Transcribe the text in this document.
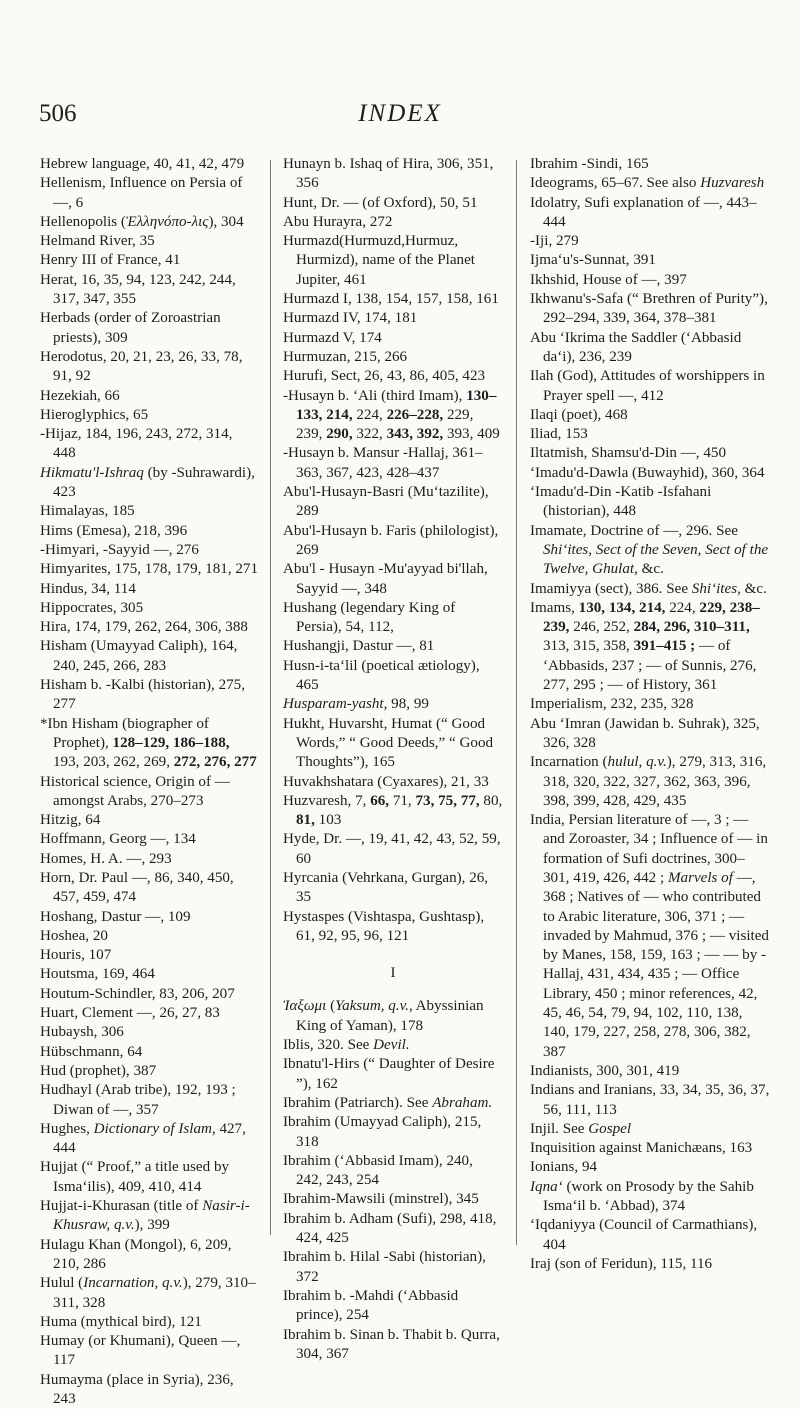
506	INDEX

Hebrew language, 40, 41, 42, 479

Hellenism, Influence on Persia of —, 6

Hellenopolis (Ἑλληνόπο-λις), 304

Helmand River, 35

Henry III of France, 41

Herat, 16, 35, 94, 123, 242, 244, 317, 347, 355

Herbads (order of Zoroastrian priests), 309

Herodotus, 20, 21, 23, 26, 33, 78, 91, 92

Hezekiah, 66

Hieroglyphics, 65

-Hijaz, 184, 196, 243, 272, 314, 448

Hikmatu'l-Ishraq (by -Suhrawardi), 423

Himalayas, 185

Hims (Emesa), 218, 396

-Himyari, -Sayyid —, 276

Himyarites, 175, 178, 179, 181, 271

Hindus, 34, 114

Hippocrates, 305

Hira, 174, 179, 262, 264, 306, 388

Hisham (Umayyad Caliph), 164, 240, 245, 266, 283

Hisham b. -Kalbi (historian), 275, 277

*Ibn Hisham (biographer of Prophet), 128–129, 186–188, 193, 203, 262, 269, 272, 276, 277

Historical science, Origin of — amongst Arabs, 270–273

Hitzig, 64

Hoffmann, Georg —, 134

Homes, H. A. —, 293

Horn, Dr. Paul —, 86, 340, 450, 457, 459, 474

Hoshang, Dastur —, 109

Hoshea, 20

Houris, 107

Houtsma, 169, 464

Houtum-Schindler, 83, 206, 207

Huart, Clement —, 26, 27, 83

Hubaysh, 306

Hübschmann, 64

Hud (prophet), 387

Hudhayl (Arab tribe), 192, 193 ; Diwan of —, 357

Hughes, Dictionary of Islam, 427, 444

Hujjat (“ Proof,” a title used by Isma‘ilis), 409, 410, 414

Hujjat-i-Khurasan (title of Nasir-i-Khusraw, q.v.), 399

Hulagu Khan (Mongol), 6, 209, 210, 286

Hulul (Incarnation, q.v.), 279, 310–311, 328

Huma (mythical bird), 121

Humay (or Khumani), Queen —, 117

Humayma (place in Syria), 236, 243

Hunayn b. Ishaq of Hira, 306, 351, 356

Hunt, Dr. — (of Oxford), 50, 51

Abu Hurayra, 272

Hurmazd(Hurmuzd,Hurmuz, Hurmizd), name of the Planet Jupiter, 461

Hurmazd I, 138, 154, 157, 158, 161

Hurmazd IV, 174, 181

Hurmazd V, 174

Hurmuzan, 215, 266

Hurufi, Sect, 26, 43, 86, 405, 423

-Husayn b. ‘Ali (third Imam), 130–133, 214, 224, 226–228, 229, 239, 290, 322, 343, 392, 393, 409

-Husayn b. Mansur -Hallaj, 361–363, 367, 423, 428–437

Abu'l-Husayn-Basri (Mu‘tazilite), 289

Abu'l-Husayn b. Faris (philologist), 269

Abu'l - Husayn -Mu'ayyad bi'llah, Sayyid —, 348

Hushang (legendary King of Persia), 54, 112,

Hushangji, Dastur —, 81

Husn-i-ta‘lil (poetical ætiology), 465

Husparam-yasht, 98, 99

Hukht, Huvarsht, Humat (“ Good Words,” “ Good Deeds,” “ Good Thoughts”), 165

Huvakhshatara (Cyaxares), 21, 33

Huzvaresh, 7, 66, 71, 73, 75, 77, 80, 81, 103

Hyde, Dr. —, 19, 41, 42, 43, 52, 59, 60

Hyrcania (Vehrkana, Gurgan), 26, 35

Hystaspes (Vishtaspa, Gushtasp), 61, 92, 95, 96, 121

I

Ἰαξωμι (Yaksum, q.v., Abyssinian King of Yaman), 178

Iblis, 320. See Devil.

Ibnatu'l-Hirs (“ Daughter of Desire ”), 162

Ibrahim (Patriarch). See Abraham.

Ibrahim (Umayyad Caliph), 215, 318

Ibrahim (‘Abbasid Imam), 240, 242, 243, 254

Ibrahim-Mawsili (minstrel), 345

Ibrahim b. Adham (Sufi), 298, 418, 424, 425

Ibrahim b. Hilal -Sabi (historian), 372

Ibrahim b. -Mahdi (‘Abbasid prince), 254

Ibrahim b. Sinan b. Thabit b. Qurra, 304, 367

Ibrahim -Sindi, 165

Ideograms, 65–67. See also Huzvaresh

Idolatry, Sufi explanation of —, 443–444

-Iji, 279

Ijma‘u's-Sunnat, 391

Ikhshid, House of —, 397

Ikhwanu's-Safa (“ Brethren of Purity”), 292–294, 339, 364, 378–381

Abu ‘Ikrima the Saddler (‘Abbasid da‘i), 236, 239

Ilah (God), Attitudes of worshippers in Prayer spell —, 412

Ilaqi (poet), 468

Iliad, 153

Iltatmish, Shamsu'd-Din —, 450

‘Imadu'd-Dawla (Buwayhid), 360, 364

‘Imadu'd-Din -Katib -Isfahani (historian), 448

Imamate, Doctrine of —, 296. See Shi‘ites, Sect of the Seven, Sect of the Twelve, Ghulat, &c.

Imamiyya (sect), 386. See Shi‘ites, &c.

Imams, 130, 134, 214, 224, 229, 238–239, 246, 252, 284, 296, 310–311, 313, 315, 358, 391–415 ; — of ‘Abbasids, 237 ; — of Sunnis, 276, 277, 295 ; — of History, 361

Imperialism, 232, 235, 328

Abu ‘Imran (Jawidan b. Suhrak), 325, 326, 328

Incarnation (hulul, q.v.), 279, 313, 316, 318, 320, 322, 327, 362, 363, 396, 398, 399, 428, 429, 435

India, Persian literature of —, 3 ; — and Zoroaster, 34 ; Influence of — in formation of Sufi doctrines, 300–301, 419, 426, 442 ; Marvels of —, 368 ; Natives of — who contributed to Arabic literature, 306, 371 ; — invaded by Mahmud, 376 ; — visited by Manes, 158, 159, 163 ; — — by -Hallaj, 431, 434, 435 ; — Office Library, 450 ; minor references, 42, 45, 46, 54, 79, 94, 102, 110, 138, 140, 179, 227, 258, 278, 306, 382, 387

Indianists, 300, 301, 419

Indians and Iranians, 33, 34, 35, 36, 37, 56, 111, 113

Injil. See Gospel

Inquisition against Manichæans, 163

Ionians, 94

Iqna‘ (work on Prosody by the Sahib Isma‘il b. ‘Abbad), 374

‘Iqdaniyya (Council of Carmathians), 404

Iraj (son of Feridun), 115, 116
